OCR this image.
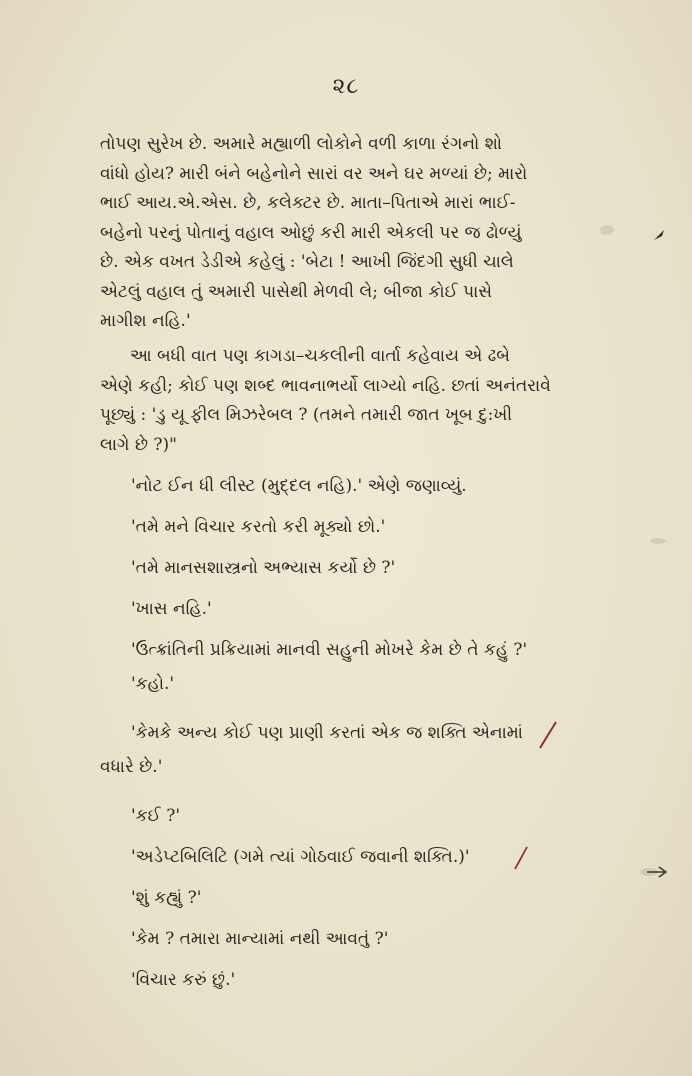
૨૮
તોપણ સુરેખ છે. અમારે મહ્યાળી લોકોને વળી કાળા રંગનો શો
વાંધો હોય? મારી બંને બહેનોને સારાં વર અને ઘર મળ્યાં છે; મારો
ભાઈ આય.એ.એસ. છે, કલેક્ટર છે. માતા–પિતાએ મારાં ભાઈ-
બહેનો પરનું પોતાનું વહાલ ઓછું કરી મારી એકલી પર જ ઢોળ્યું
છે. એક વખત ડેડીએ કહેલું : 'બેટા ! આખી જિંદગી સુધી ચાલે
એટલું વહાલ તું અમારી પાસેથી મેળવી લે; બીજા કોઈ પાસે
માગીશ નહિ.'
આ બધી વાત પણ કાગડા–ચકલીની વાર્તા કહેવાય એ ઢબે
એણે કહી; કોઈ પણ શબ્દ ભાવનાભર્યો લાગ્યો નહિ. છતાં અનંતરાવે
પૂછ્યું : 'ડુ યૂ ફીલ મિઝરેબલ ? (તમને તમારી જાત ખૂબ દુ:ખી
લાગે છે ?)"
'નોટ ઈન ધી લીસ્ટ (મુદ્દલ નહિ).' એણે જણાવ્યું.
'તમે મને વિચાર કરતો કરી મૂક્યો છો.'
'તમે માનસશાસ્ત્રનો અભ્યાસ કર્યો છે ?'
'ખાસ નહિ.'
'ઉત્ક્રાંતિની પ્રક્રિયામાં માનવી સહુની મોખરે કેમ છે તે કહું ?'
'કહો.'
'કેમકે અન્ય કોઈ પણ પ્રાણી કરતાં એક જ શક્તિ એનામાં
વધારે છે.'
'કઈ ?'
'અડેપ્ટબિલિટિ (ગમે ત્યાં ગોઠવાઈ જવાની શક્તિ.)'
'શું કહ્યું ?'
'કેમ ? તમારા માન્યામાં નથી આવતું ?'
'વિચાર કરું છું.'
